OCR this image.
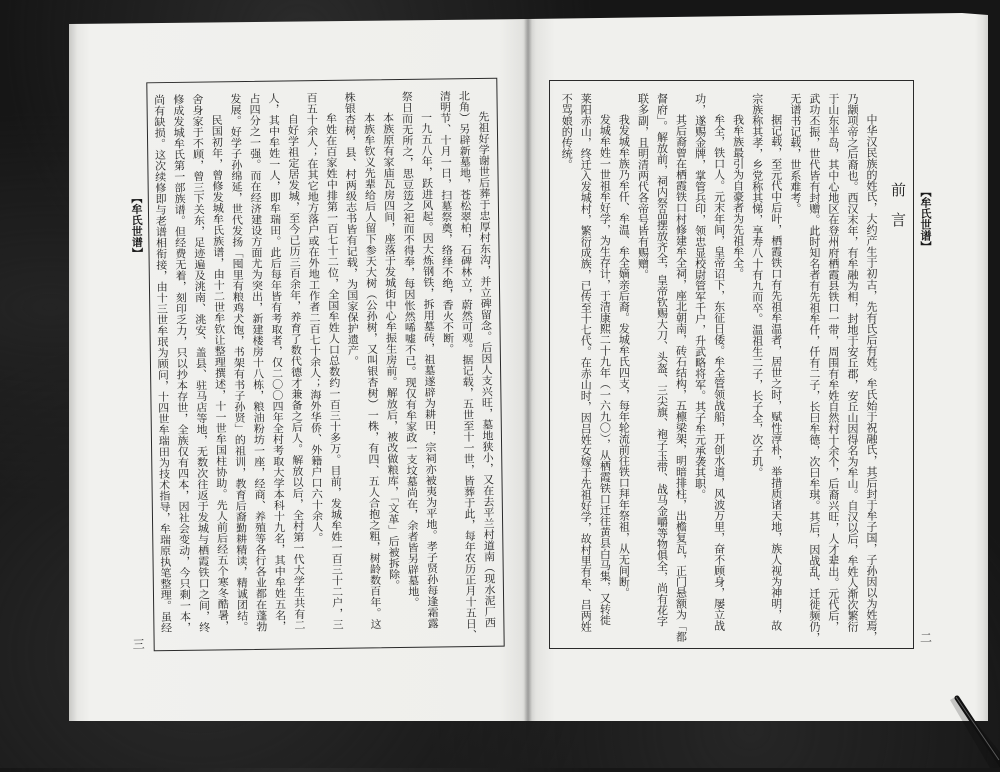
【牟氏世谱】
前言
中华汉民族的姓氏，大约产生于初古，先有氏后有姓。牟氏始于祝融氏，其后封于牟子国，子孙因以为姓焉，
乃颛项帝之后裔也。西汉末年，有牟融为相，封地于安丘郡，安丘山因得名为牟山。自汉以后，牟姓人渐次繁衍
于山东半岛，其中心地区在登州府栖霞县铁口一带，周围有牟姓自然村十余个，后裔兴旺，人才辈出。元代后，
武功丕振，世代皆有封赠。此时知名者有先祖牟仟，仟有二子，长曰牟德，次曰牟琪。其后，因战乱、迁徙频仍，
无谱书记载，世系难考。
据记载，至元代中后叶，栖霞铁口有先祖牟温者，居世之时，赋性淳朴，举措质诸天地，族人视为神明，故
宗族称其孝，乡党称其悌，享寿八十有九而卒。温祖生二子，长子全，次子玑。
我牟族最引为自豪者为先祖牟全。
牟全，铁口人。元末年间，皇帝诏下，东征日倭。牟全管领战船，开创水道，风波万里，奋不顾身，屡立战
功，遂赐金牌，掌管兵印，领忠显校尉管军千户，升武略将军。其子牟元承袭其职。
其后裔曾在栖霞铁口村修建牟全祠，座北朝南，砖石结构，五檩梁架，明暗排柱，出檐复瓦，正门悬额为「都
督府」。解放前，祠内祭品摆放齐全，皇帝钦赐大刀、头盔、三尖旗、袍子玉带、战马金嚼等物俱全，尚有花字
联多副，且明清两代各帝号皆有赐赠。
我发城牟族乃牟仟、牟温、牟全嫡亲后裔。发城牟氏四支，每年轮流前往铁口拜年祭祖，从无间断。
发城牟姓一世祖牟好学，为生存计，于清康熙二十九年（一六九〇），从栖霞铁口迁往黄县白马集，又转徙
莱阳赤山，终迁入发城村，繁衍成族，已传至十七代。在赤山时，因吕姓女嫁于先祖好学，故村里有牟、吕两姓
不骂娘的传统。
二
【牟氏世谱】	先祖好学谢世后葬于忠厚村东沟，并立碑留念。后因人支兴旺，墓地狭小，又在去平兰村道南（现水泥厂西
北角）另辟新墓地，苍松翠柏，石碑林立，蔚然可观。据记载，五世至十一世，皆葬于此，每年农历正月十五日、
清明节、十月一日，扫墓祭奠，络绎不绝，香火不断。
一九五八年，跃进风起。因大炼钢铁，拆用墓砖，祖墓遂辟为耕田，宗祠亦被夷为平地。孝子贤孙每逢霜露
祭日而无所之，思豆笾之祀而不得奉，每因怅然唏嘘不已。现仅有牟家政一支坟墓尚在，余者皆另辟墓地。
本族原有家庙瓦房四间，座落于发城街中心牟振生房前。解放后，被改做粮库，「文革」后被拆除。
本族牟钦义先辈给后人留下参天大树（公孙树，又叫银杏树）一株，有四、五人合抱之粗，树龄数百年。这
株银杏树，县、村两级志书皆有记载，为国家保护遗产。
牟姓在百家姓中排第一百七十二位，全国牟姓人口总数约一百三十多万。目前，发城牟姓一百三十二户，三
百五十余人；在其它地方落户或在外地工作者二百七十余人；海外华侨、外籍户口六十余人。
自好学祖定居发城，至今已历三百余年，养育了数代德才兼备之后人。解放以后，全村第一代大学生共有二
人，其中牟姓一人，即牟瑞田。此后每年皆有考取者，仅二〇〇四年全村考取大学本科十九名，其中牟姓五名，
占四分之一强。而在经济建设方面尤为突出，新建楼房十八栋，粮油粉坊一座，经商、养殖等各行各业都在蓬勃
发展。好学子孙绵延，世代发扬「囤里有粮鸡犬饱，书架有书子孙贤」的祖训，教育后裔勤耕精读，精诚团结。
民国初年，曾修发城牟氏族谱，由十二世牟钦让整理撰述，十一世牟国柱协助。先人前后经五个寒冬酷暑，
舍身家于不顾，曾三下关东，足迹遍及洮南、洮安、盖县、驻马店等地，无数次往返于发城与栖霞铁口之间，终
修成发城牟氏第一部族谱。但经费无着，刻印乏力，只以抄本存世，全族仅有四本，因社会变动，今只剩一本，
尚有缺损。这次续修即与老谱相衔接，由十三世牟珉为顾问，十四世牟瑞田为技术指导，牟瑞原执笔整理。虽经
三
